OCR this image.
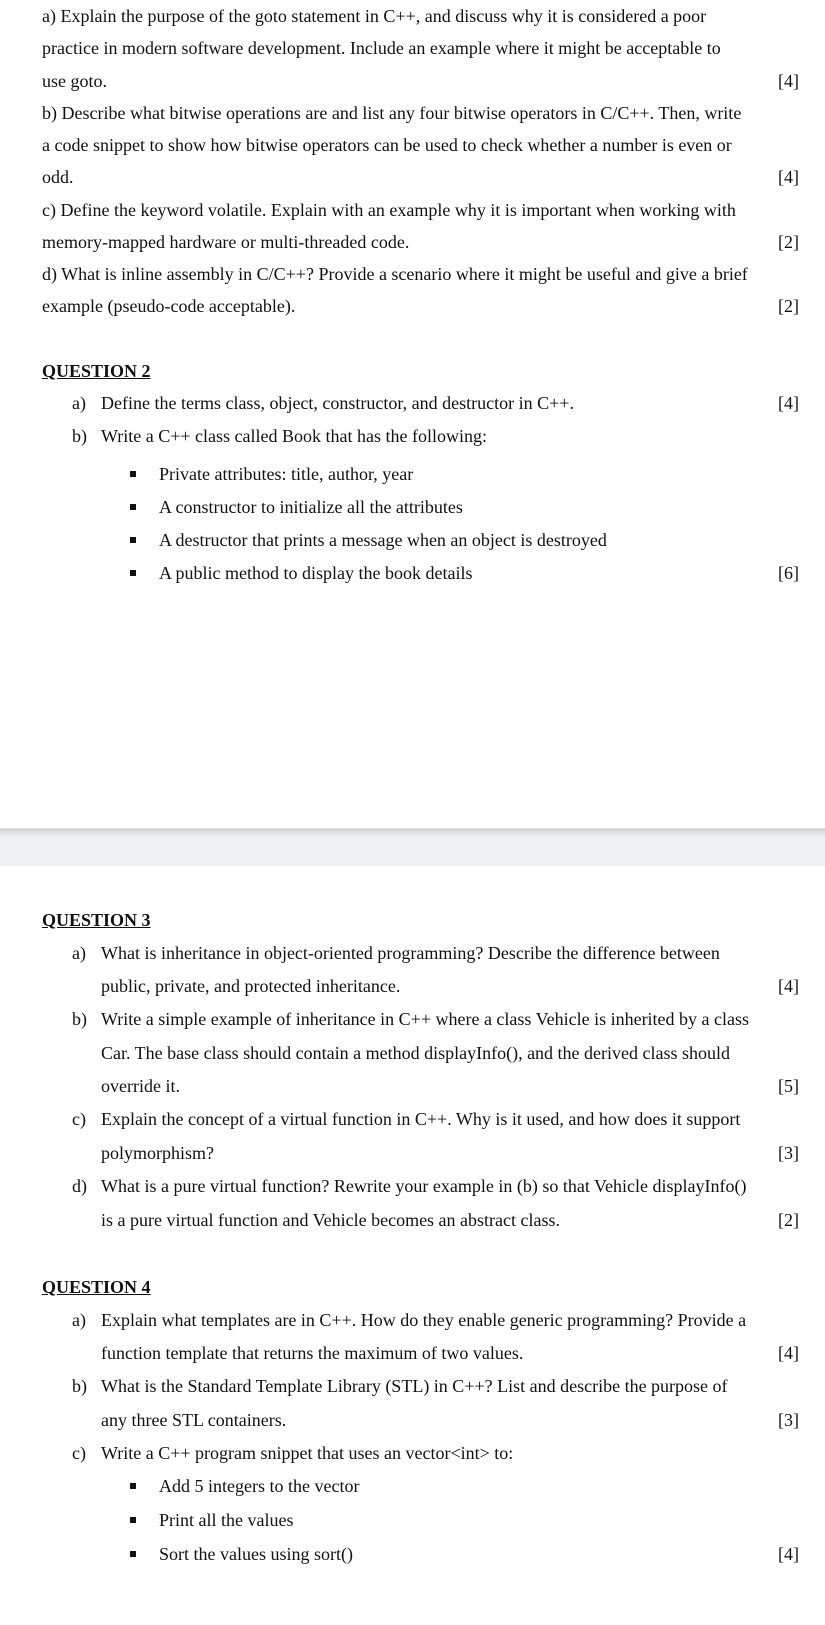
a) Explain the purpose of the goto statement in C++, and discuss why it is considered a poor
practice in modern software development. Include an example where it might be acceptable to
use goto.	[4]
b) Describe what bitwise operations are and list any four bitwise operators in C/C++. Then, write
a code snippet to show how bitwise operators can be used to check whether a number is even or
odd.	[4]
c) Define the keyword volatile. Explain with an example why it is important when working with
memory-mapped hardware or multi-threaded code.	[2]
d) What is inline assembly in C/C++? Provide a scenario where it might be useful and give a brief
example (pseudo-code acceptable).	[2]
QUESTION 2
a) Define the terms class, object, constructor, and destructor in C++.	[4]
b) Write a C++ class called Book that has the following:
Private attributes: title, author, year
A constructor to initialize all the attributes
A destructor that prints a message when an object is destroyed
A public method to display the book details	[6]
QUESTION 3
a) What is inheritance in object-oriented programming? Describe the difference between
public, private, and protected inheritance.	[4]
b) Write a simple example of inheritance in C++ where a class Vehicle is inherited by a class
Car. The base class should contain a method displayInfo(), and the derived class should
override it.	[5]
c) Explain the concept of a virtual function in C++. Why is it used, and how does it support
polymorphism?	[3]
d) What is a pure virtual function? Rewrite your example in (b) so that Vehicle displayInfo()
is a pure virtual function and Vehicle becomes an abstract class.	[2]
QUESTION 4
a) Explain what templates are in C++. How do they enable generic programming? Provide a
function template that returns the maximum of two values.	[4]
b) What is the Standard Template Library (STL) in C++? List and describe the purpose of
any three STL containers.	[3]
c) Write a C++ program snippet that uses an vector<int> to:
Add 5 integers to the vector
Print all the values
Sort the values using sort()	[4]
